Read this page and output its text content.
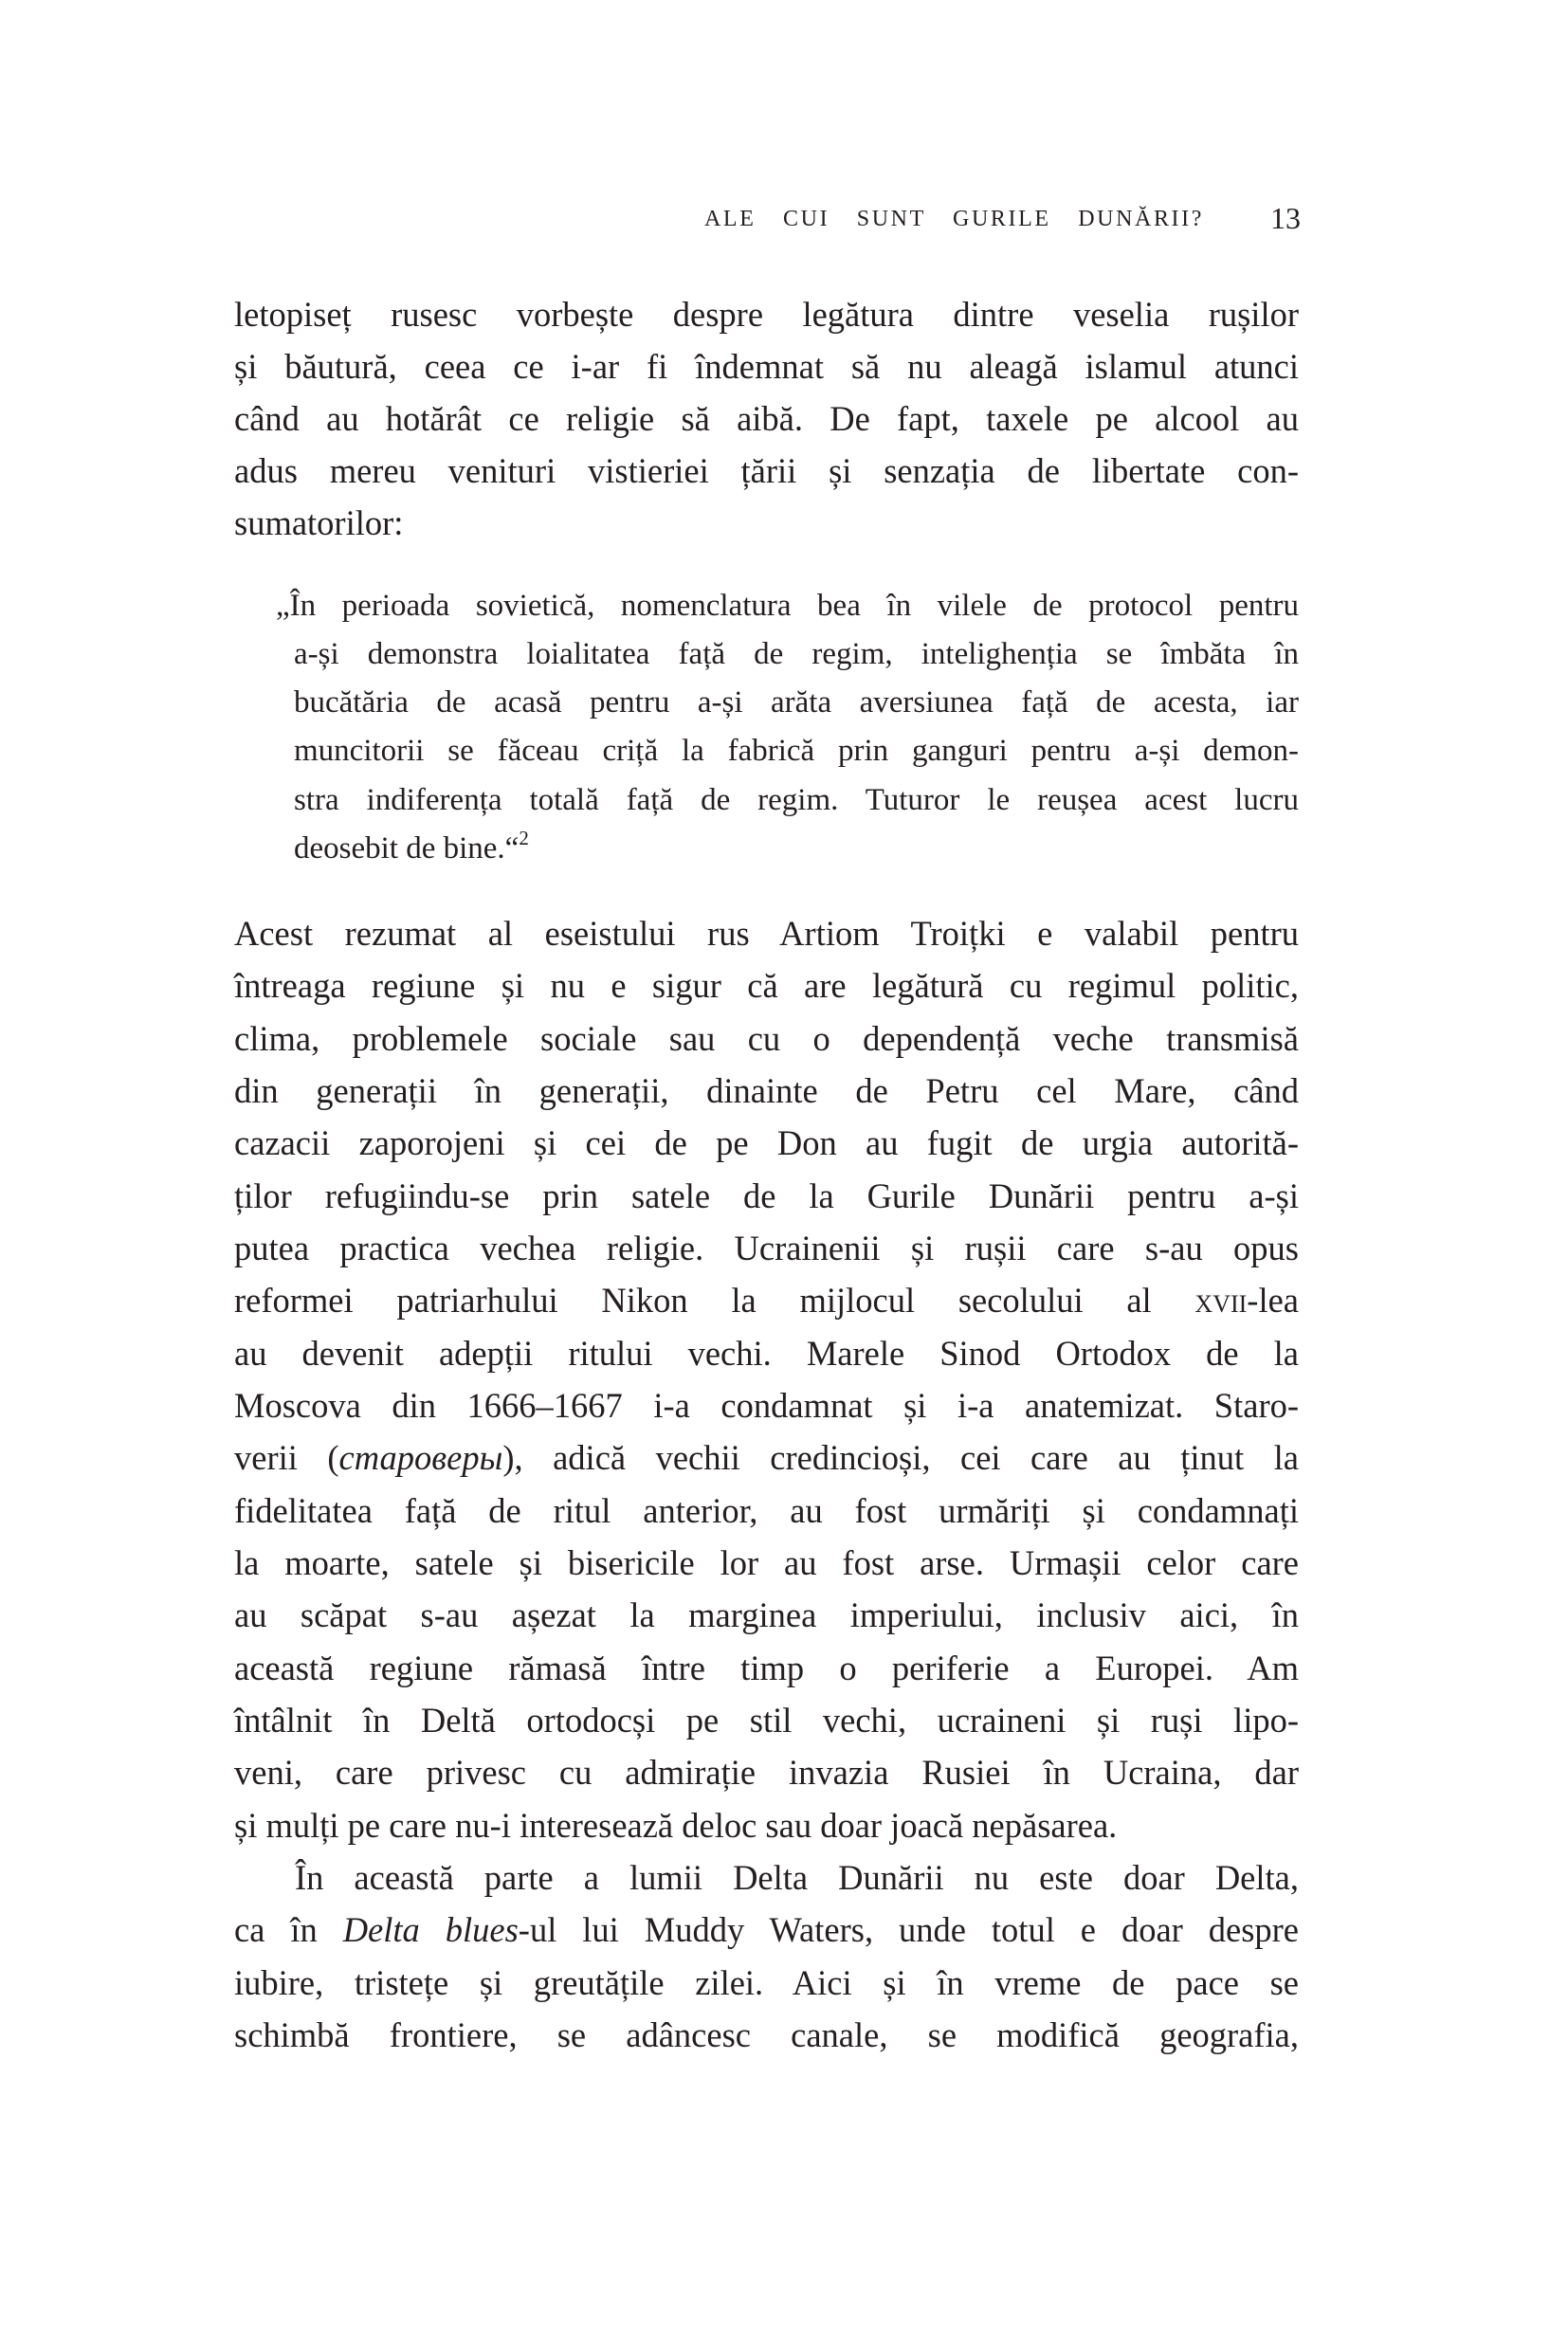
ALE CUI SUNT GURILE DUNĂRII? 13
letopiseț rusesc vorbește despre legătura dintre veselia rușilor
și băutură, ceea ce i-ar fi îndemnat să nu aleagă islamul atunci
când au hotărât ce religie să aibă. De fapt, taxele pe alcool au
adus mereu venituri vistieriei țării și senzația de libertate con-
sumatorilor:
„În perioada sovietică, nomenclatura bea în vilele de protocol pentru
a-și demonstra loialitatea față de regim, intelighenția se îmbăta în
bucătăria de acasă pentru a-și arăta aversiunea față de acesta, iar
muncitorii se făceau criță la fabrică prin ganguri pentru a-și demon-
stra indiferența totală față de regim. Tuturor le reușea acest lucru
deosebit de bine.“$^2$
Acest rezumat al eseistului rus Artiom Troițki e valabil pentru
întreaga regiune și nu e sigur că are legătură cu regimul politic,
clima, problemele sociale sau cu o dependență veche transmisă
din generații în generații, dinainte de Petru cel Mare, când
cazacii zaporojeni și cei de pe Don au fugit de urgia autorită-
ților refugiindu-se prin satele de la Gurile Dunării pentru a-și
putea practica vechea religie. Ucrainenii și rușii care s-au opus
reformei patriarhului Nikon la mijlocul secolului al xvii-lea
au devenit adepții ritului vechi. Marele Sinod Ortodox de la
Moscova din 1666–1667 i-a condamnat și i-a anatemizat. Staro-
verii (староверы), adică vechii credincioși, cei care au ținut la
fidelitatea față de ritul anterior, au fost urmăriți și condamnați
la moarte, satele și bisericile lor au fost arse. Urmașii celor care
au scăpat s-au așezat la marginea imperiului, inclusiv aici, în
această regiune rămasă între timp o periferie a Europei. Am
întâlnit în Deltă ortodocși pe stil vechi, ucraineni și ruși lipo-
veni, care privesc cu admirație invazia Rusiei în Ucraina, dar
și mulți pe care nu-i interesează deloc sau doar joacă nepăsarea.
În această parte a lumii Delta Dunării nu este doar Delta,
ca în Delta blues-ul lui Muddy Waters, unde totul e doar despre
iubire, tristețe și greutățile zilei. Aici și în vreme de pace se
schimbă frontiere, se adâncesc canale, se modifică geografia,
